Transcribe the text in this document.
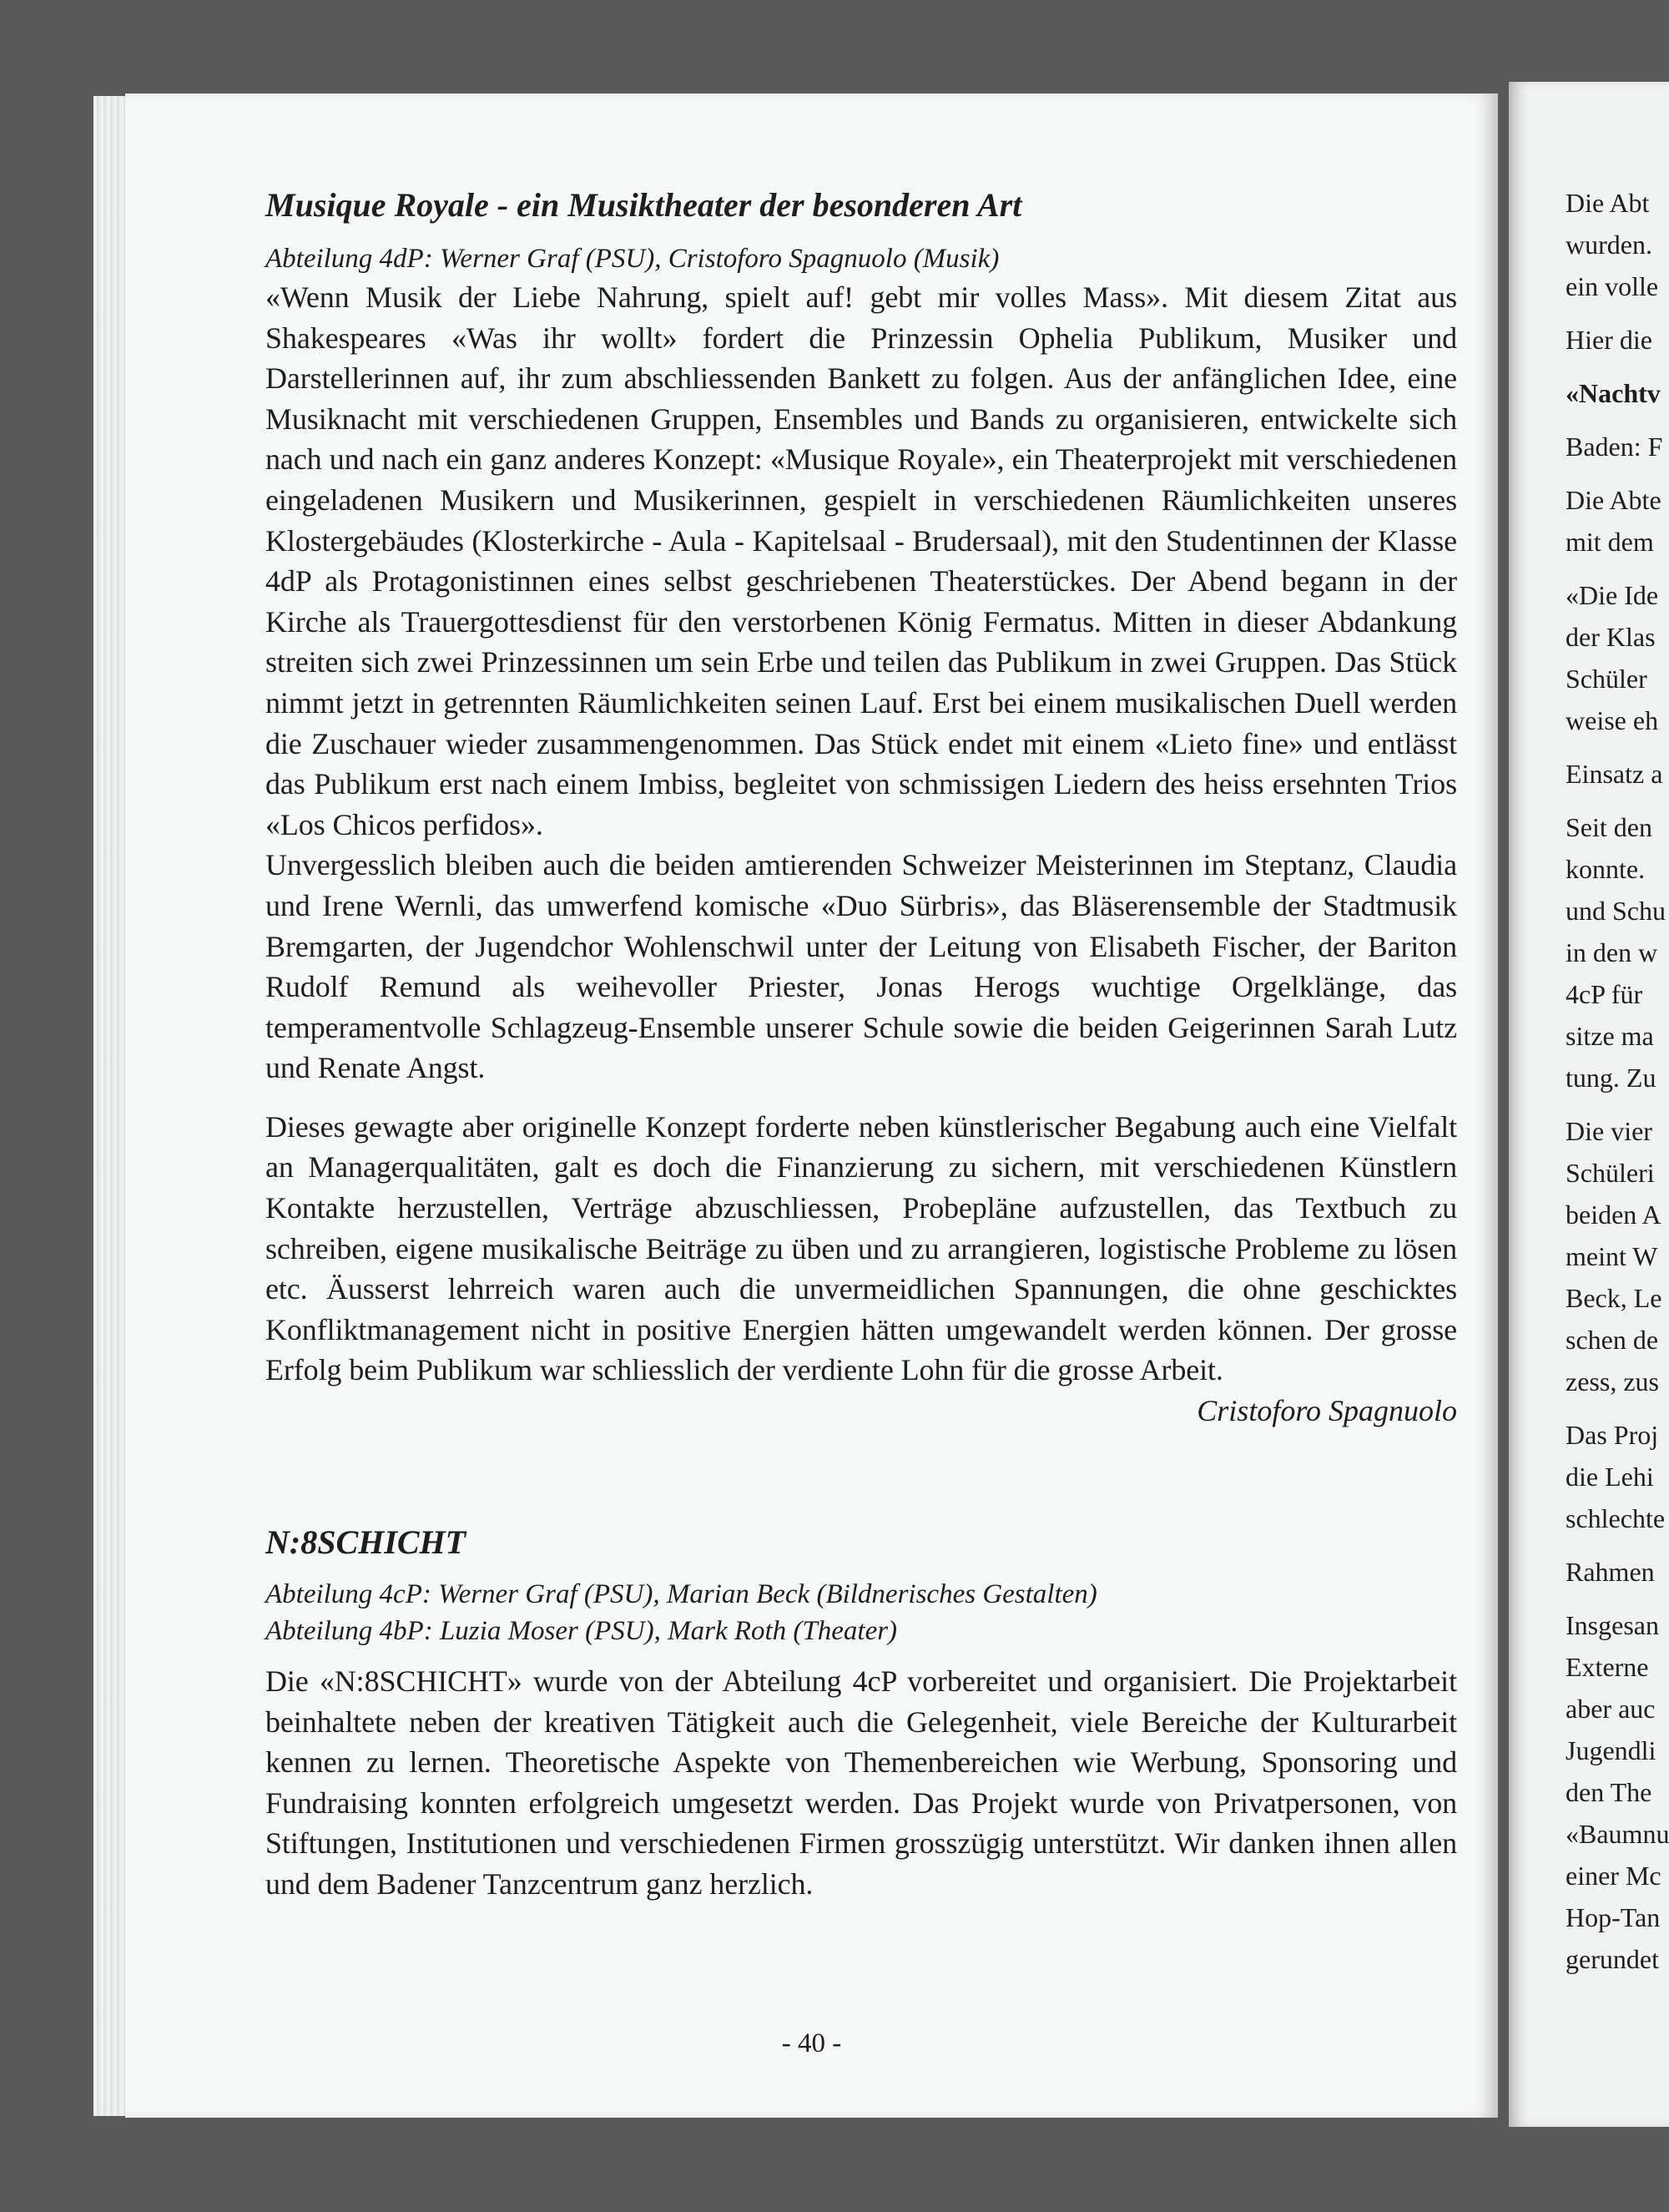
Musique Royale - ein Musiktheater der besonderen Art

Abteilung 4dP: Werner Graf (PSU), Cristoforo Spagnuolo (Musik)

«Wenn Musik der Liebe Nahrung, spielt auf! gebt mir volles Mass». Mit diesem Zitat aus Shakespeares «Was ihr wollt» fordert die Prinzessin Ophelia Publikum, Musiker und Darstellerinnen auf, ihr zum abschliessenden Bankett zu folgen. Aus der anfänglichen Idee, eine Musiknacht mit verschiedenen Gruppen, Ensembles und Bands zu organisieren, entwickelte sich nach und nach ein ganz anderes Konzept: «Musique Royale», ein Theaterprojekt mit verschiedenen eingeladenen Musikern und Musikerinnen, gespielt in verschiedenen Räumlichkeiten unseres Klostergebäudes (Klosterkirche - Aula - Kapitelsaal - Brudersaal), mit den Studentinnen der Klasse 4dP als Protagonistinnen eines selbst geschriebenen Theaterstückes. Der Abend begann in der Kirche als Trauergottesdienst für den verstorbenen König Fermatus. Mitten in dieser Abdankung streiten sich zwei Prinzessinnen um sein Erbe und teilen das Publikum in zwei Gruppen. Das Stück nimmt jetzt in getrennten Räumlichkeiten seinen Lauf. Erst bei einem musikalischen Duell werden die Zuschauer wieder zusammengenommen. Das Stück endet mit einem «Lieto fine» und entlässt das Publikum erst nach einem Imbiss, begleitet von schmissigen Liedern des heiss ersehnten Trios «Los Chicos perfidos».

Unvergesslich bleiben auch die beiden amtierenden Schweizer Meisterinnen im Steptanz, Claudia und Irene Wernli, das umwerfend komische «Duo Sürbris», das Bläserensemble der Stadtmusik Bremgarten, der Jugendchor Wohlenschwil unter der Leitung von Elisabeth Fischer, der Bariton Rudolf Remund als weihevoller Priester, Jonas Herogs wuchtige Orgelklänge, das temperamentvolle Schlagzeug-Ensemble unserer Schule sowie die beiden Geigerinnen Sarah Lutz und Renate Angst.

Dieses gewagte aber originelle Konzept forderte neben künstlerischer Begabung auch eine Vielfalt an Managerqualitäten, galt es doch die Finanzierung zu sichern, mit verschiedenen Künstlern Kontakte herzustellen, Verträge abzuschliessen, Probepläne aufzustellen, das Textbuch zu schreiben, eigene musikalische Beiträge zu üben und zu arrangieren, logistische Probleme zu lösen etc. Äusserst lehrreich waren auch die unvermeidlichen Spannungen, die ohne geschicktes Konfliktmanagement nicht in positive Energien hätten umgewandelt werden können. Der grosse Erfolg beim Publikum war schliesslich der verdiente Lohn für die grosse Arbeit.

Cristoforo Spagnuolo

N:8SCHICHT

Abteilung 4cP: Werner Graf (PSU), Marian Beck (Bildnerisches Gestalten)

Abteilung 4bP: Luzia Moser (PSU), Mark Roth (Theater)

Die «N:8SCHICHT» wurde von der Abteilung 4cP vorbereitet und organisiert. Die Projektarbeit beinhaltete neben der kreativen Tätigkeit auch die Gelegenheit, viele Bereiche der Kulturarbeit kennen zu lernen. Theoretische Aspekte von Themenbereichen wie Werbung, Sponsoring und Fundraising konnten erfolgreich umgesetzt werden. Das Projekt wurde von Privatpersonen, von Stiftungen, Institutionen und verschiedenen Firmen grosszügig unterstützt. Wir danken ihnen allen und dem Badener Tanzcentrum ganz herzlich.

- 40 -
Die Abt
wurden.
ein volle
Hier die
«Nachtv
Baden: F
Die Abte
mit dem
«Die Ide
der Klas
Schüler
weise eh
Einsatz a
Seit den
konnte.
und Schu
in den w
4cP für
sitze ma
tung. Zu
Die vier
Schüleri
beiden A
meint W
Beck, Le
schen de
zess, zus
Das Proj
die Lehi
schlechte
Rahmen
Insgesan
Externe
aber auc
Jugendli
den The
«Baumnu
einer Mc
Hop-Tan
gerundet
